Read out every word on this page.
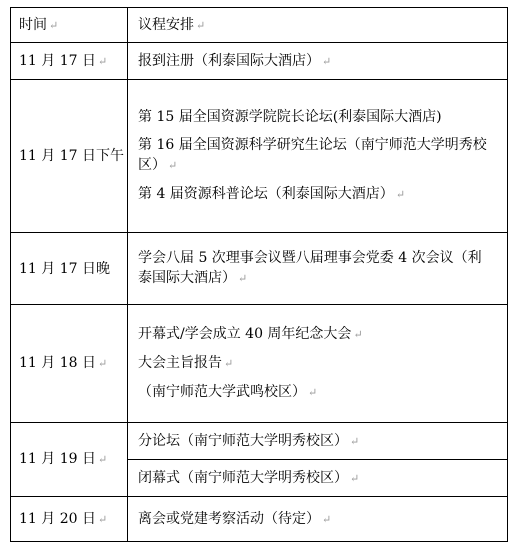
时间 ↵	议程安排 ↵
11 月 17 日 ↵	报到注册（利泰国际大酒店） ↵

11 月 17 日下午	第 15 届全国资源学院院长论坛(利泰国际大酒店)
第 16 届全国资源科学研究生论坛（南宁师范大学明秀校区） ↵
第 4 届资源科普论坛（利泰国际大酒店） ↵

11 月 17 日晚	学会八届 5 次理事会议暨八届理事会党委 4 次会议（利泰国际大酒店） ↵

11 月 18 日 ↵	开幕式/学会成立 40 周年纪念大会 ↵
大会主旨报告 ↵
（南宁师范大学武鸣校区） ↵

11 月 19 日 ↵	分论坛（南宁师范大学明秀校区） ↵

	闭幕式（南宁师范大学明秀校区） ↵

11 月 20 日 ↵	离会或党建考察活动（待定） ↵
